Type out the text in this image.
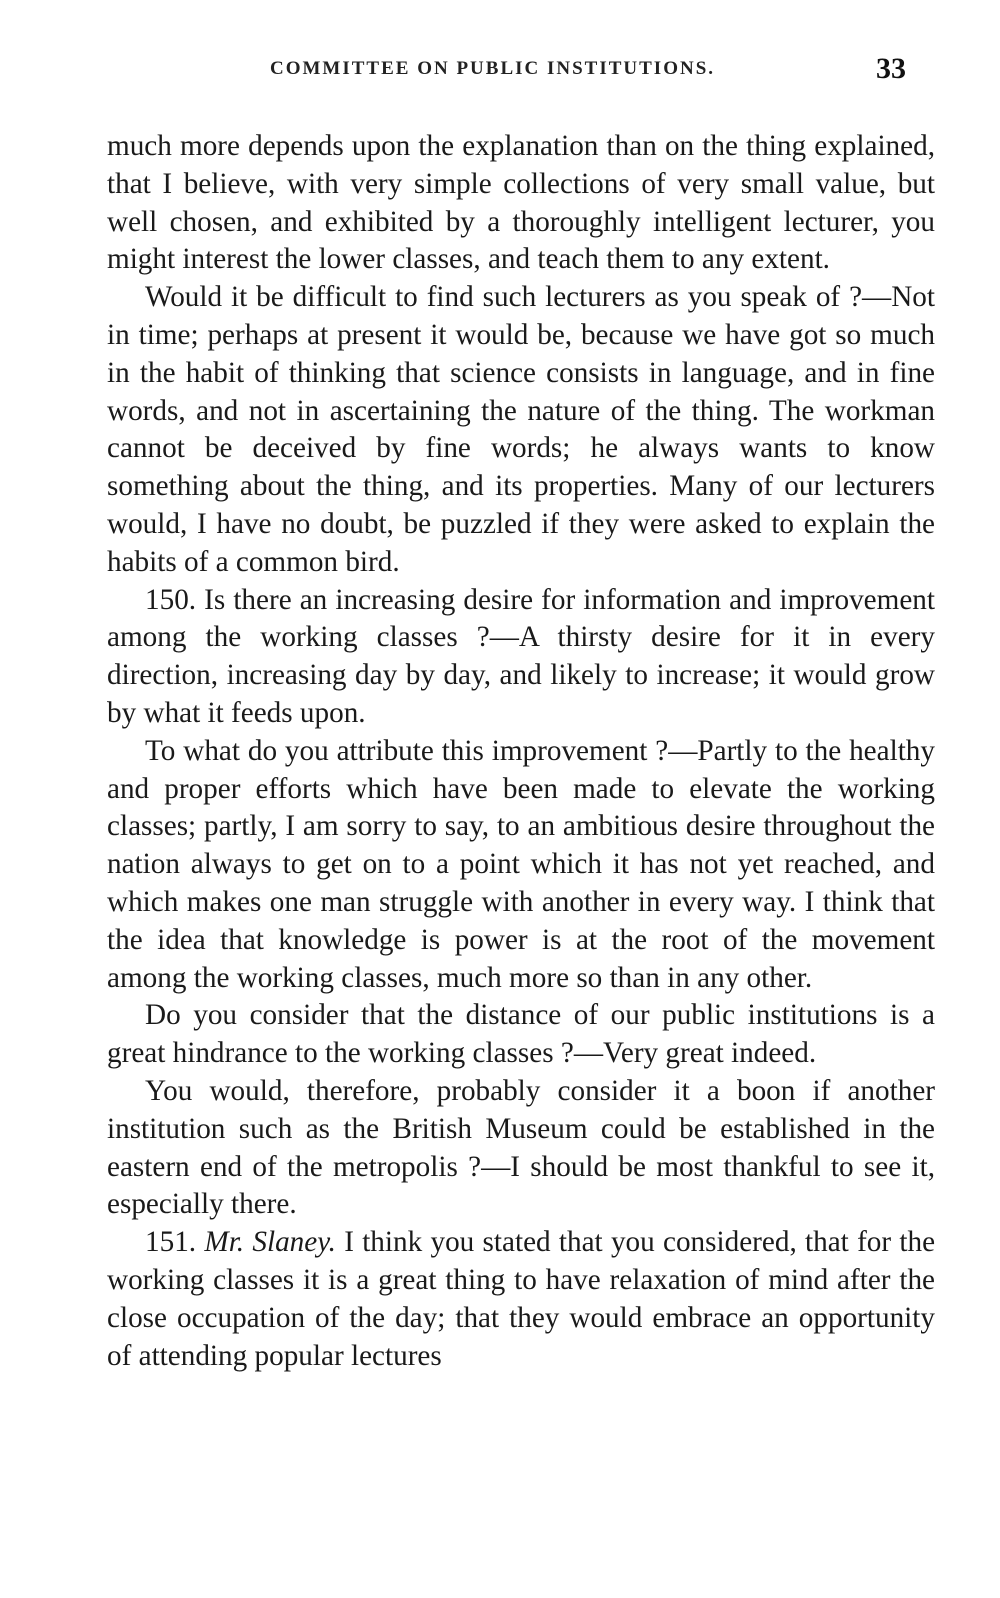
COMMITTEE ON PUBLIC INSTITUTIONS.	33

much more depends upon the explanation than on the thing explained, that I believe, with very simple collections of very small value, but well chosen, and exhibited by a thoroughly intelligent lecturer, you might interest the lower classes, and teach them to any extent.

Would it be difficult to find such lecturers as you speak of ?—Not in time; perhaps at present it would be, because we have got so much in the habit of thinking that science consists in language, and in fine words, and not in ascertaining the nature of the thing. The workman cannot be deceived by fine words; he always wants to know something about the thing, and its properties. Many of our lecturers would, I have no doubt, be puzzled if they were asked to explain the habits of a common bird.

150. Is there an increasing desire for information and improvement among the working classes ?—A thirsty desire for it in every direction, increasing day by day, and likely to increase; it would grow by what it feeds upon.

To what do you attribute this improvement ?—Partly to the healthy and proper efforts which have been made to elevate the working classes; partly, I am sorry to say, to an ambitious desire throughout the nation always to get on to a point which it has not yet reached, and which makes one man struggle with another in every way. I think that the idea that knowledge is power is at the root of the movement among the working classes, much more so than in any other.

Do you consider that the distance of our public institutions is a great hindrance to the working classes ?—Very great indeed.

You would, therefore, probably consider it a boon if another institution such as the British Museum could be established in the eastern end of the metropolis ?—I should be most thankful to see it, especially there.

151. Mr. Slaney. I think you stated that you considered, that for the working classes it is a great thing to have relaxation of mind after the close occupation of the day; that they would embrace an opportunity of attending popular lectures
